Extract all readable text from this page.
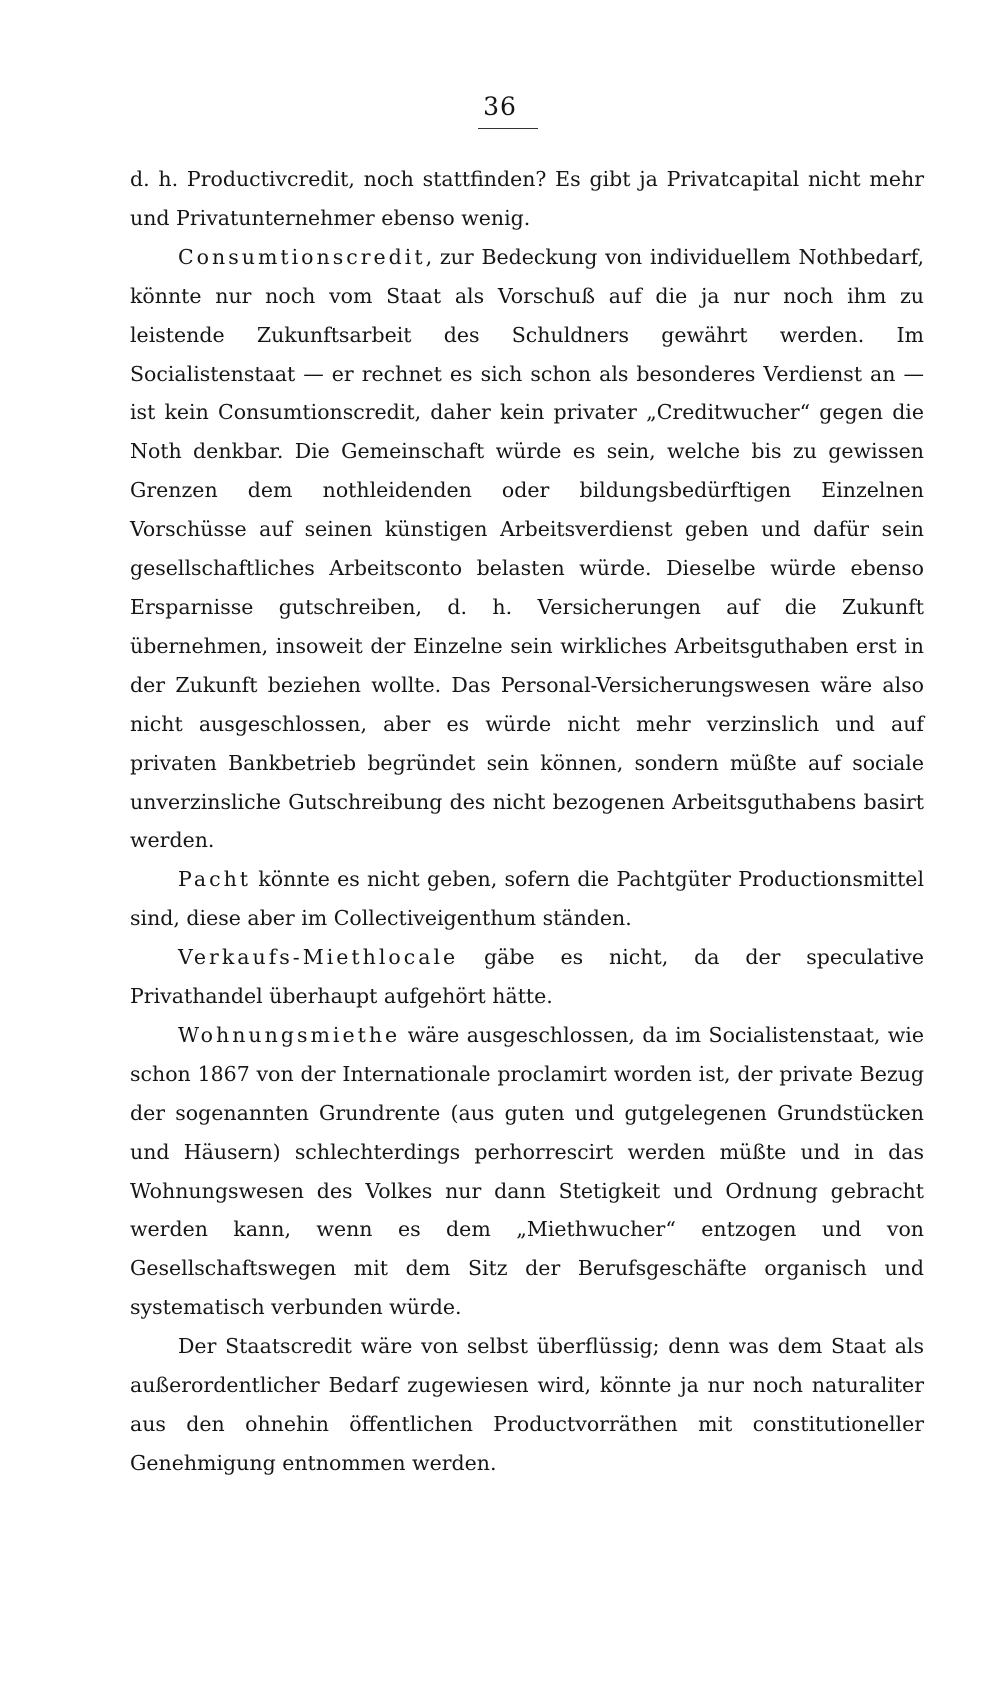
36

d. h. Productivcredit, noch stattfinden? Es gibt ja Privatcapital nicht mehr und Privatunternehmer ebenso wenig.

Consumtionscredit, zur Bedeckung von individuellem Nothbedarf, könnte nur noch vom Staat als Vorschuß auf die ja nur noch ihm zu leistende Zukunftsarbeit des Schuldners gewährt werden. Im Socialistenstaat — er rechnet es sich schon als besonderes Verdienst an — ist kein Consumtionscredit, daher kein privater „Creditwucher“ gegen die Noth denkbar. Die Gemeinschaft würde es sein, welche bis zu gewissen Grenzen dem nothleidenden oder bildungsbedürftigen Einzelnen Vorschüsse auf seinen künstigen Arbeitsverdienst geben und dafür sein gesellschaftliches Arbeitsconto belasten würde. Dieselbe würde ebenso Ersparnisse gutschreiben, d. h. Versicherungen auf die Zukunft übernehmen, insoweit der Einzelne sein wirkliches Arbeitsguthaben erst in der Zukunft beziehen wollte. Das Personal-Versicherungswesen wäre also nicht ausgeschlossen, aber es würde nicht mehr verzinslich und auf privaten Bankbetrieb begründet sein können, sondern müßte auf sociale unverzinsliche Gutschreibung des nicht bezogenen Arbeitsguthabens basirt werden.

Pacht könnte es nicht geben, sofern die Pachtgüter Productionsmittel sind, diese aber im Collectiveigenthum ständen.

Verkaufs-Miethlocale gäbe es nicht, da der speculative Privathandel überhaupt aufgehört hätte.

Wohnungsmiethe wäre ausgeschlossen, da im Socialistenstaat, wie schon 1867 von der Internationale proclamirt worden ist, der private Bezug der sogenannten Grundrente (aus guten und gutgelegenen Grundstücken und Häusern) schlechterdings perhorrescirt werden müßte und in das Wohnungswesen des Volkes nur dann Stetigkeit und Ordnung gebracht werden kann, wenn es dem „Miethwucher“ entzogen und von Gesellschaftswegen mit dem Sitz der Berufsgeschäfte organisch und systematisch verbunden würde.

Der Staatscredit wäre von selbst überflüssig; denn was dem Staat als außerordentlicher Bedarf zugewiesen wird, könnte ja nur noch naturaliter aus den ohnehin öffentlichen Productvorräthen mit constitutioneller Genehmigung entnommen werden.
